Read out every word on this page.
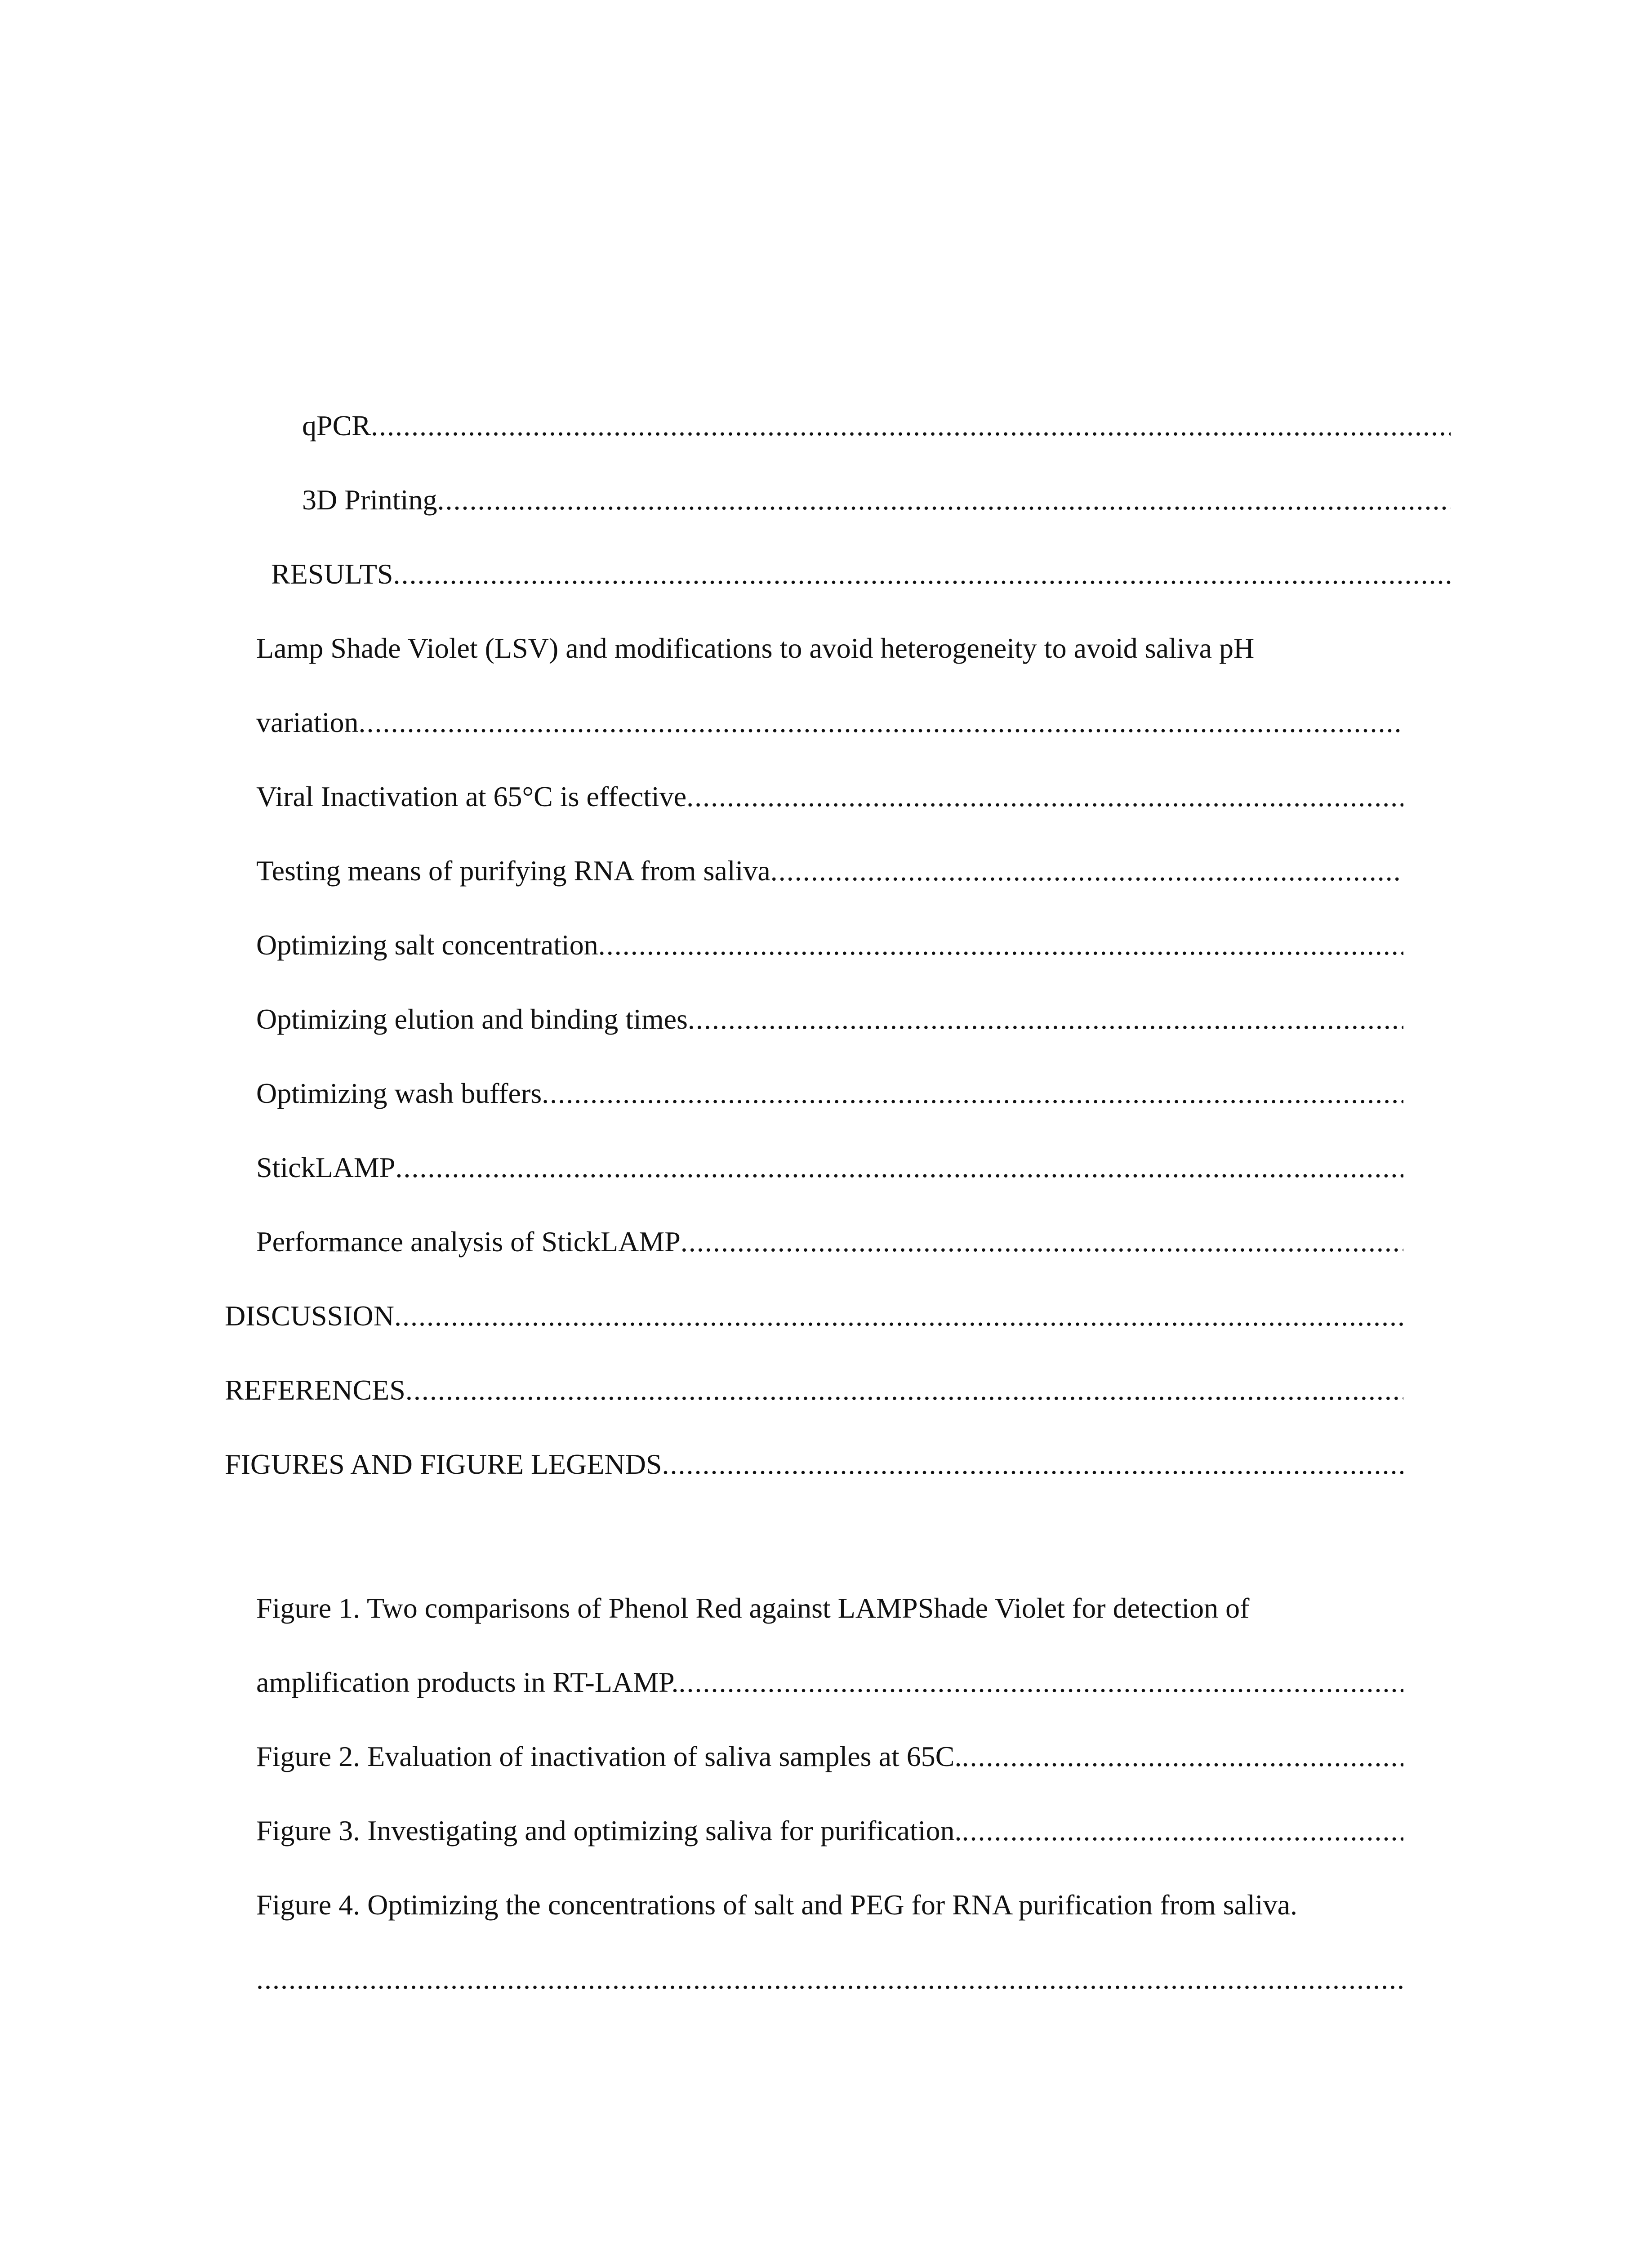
qPCR
.....
3D Printing
.....
RESULTS
.....
Lamp Shade Violet (LSV) and modifications to avoid heterogeneity to avoid saliva pH
variation
.....
Viral Inactivation at 65°C is effective
.....
Testing means of purifying RNA from saliva
.....
Optimizing salt concentration
.....
Optimizing elution and binding times
.....
Optimizing wash buffers
.....
StickLAMP
.....
Performance analysis of StickLAMP
.....
DISCUSSION
.....
REFERENCES
.....
FIGURES AND FIGURE LEGENDS
.....
Figure 1. Two comparisons of Phenol Red against LAMPShade Violet for detection of
amplification products in RT-LAMP.
.....
Figure 2. Evaluation of inactivation of saliva samples at 65C.
.....
Figure 3. Investigating and optimizing saliva for purification.
.....
Figure 4. Optimizing the concentrations of salt and PEG for RNA purification from saliva.
.....
